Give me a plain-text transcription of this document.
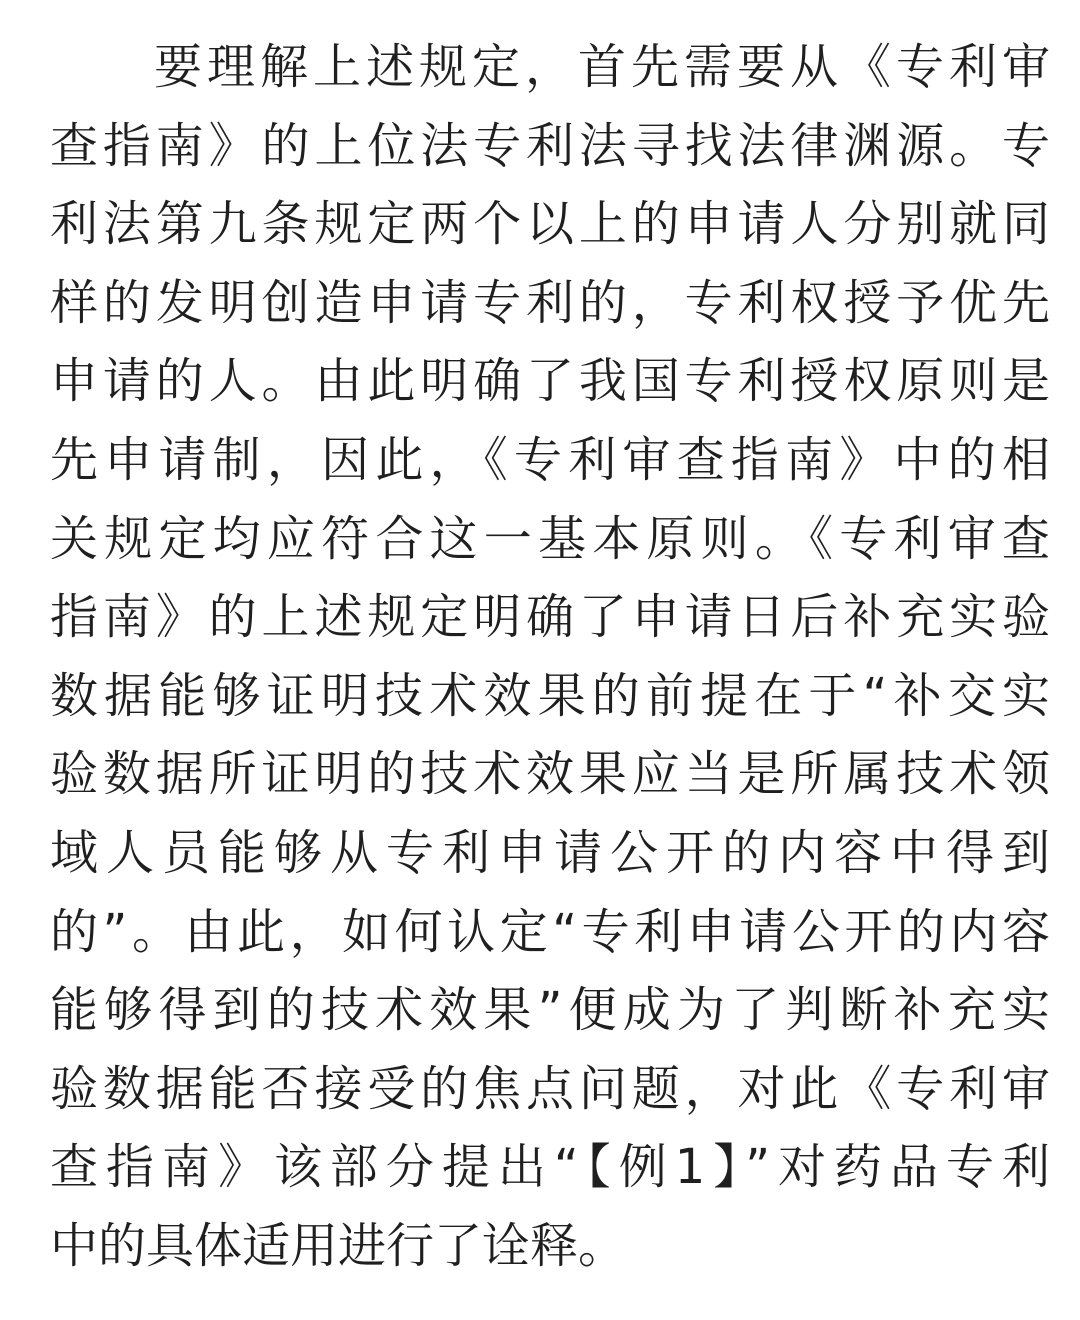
要理解上述规定，首先需要从《专利审
查指南》的上位法专利法寻找法律渊源。专
利法第九条规定两个以上的申请人分别就同
样的发明创造申请专利的，专利权授予优先
申请的人。由此明确了我国专利授权原则是
先申请制，因此，《专利审查指南》中的相
关规定均应符合这一基本原则。《专利审查
指南》的上述规定明确了申请日后补充实验
数据能够证明技术效果的前提在于“补交实
验数据所证明的技术效果应当是所属技术领
域人员能够从专利申请公开的内容中得到
的”。由此，如何认定“专利申请公开的内容
能够得到的技术效果”便成为了判断补充实
验数据能否接受的焦点问题，对此《专利审
查指南》该部分提出“【例1】”对药品专利
中的具体适用进行了诠释。
